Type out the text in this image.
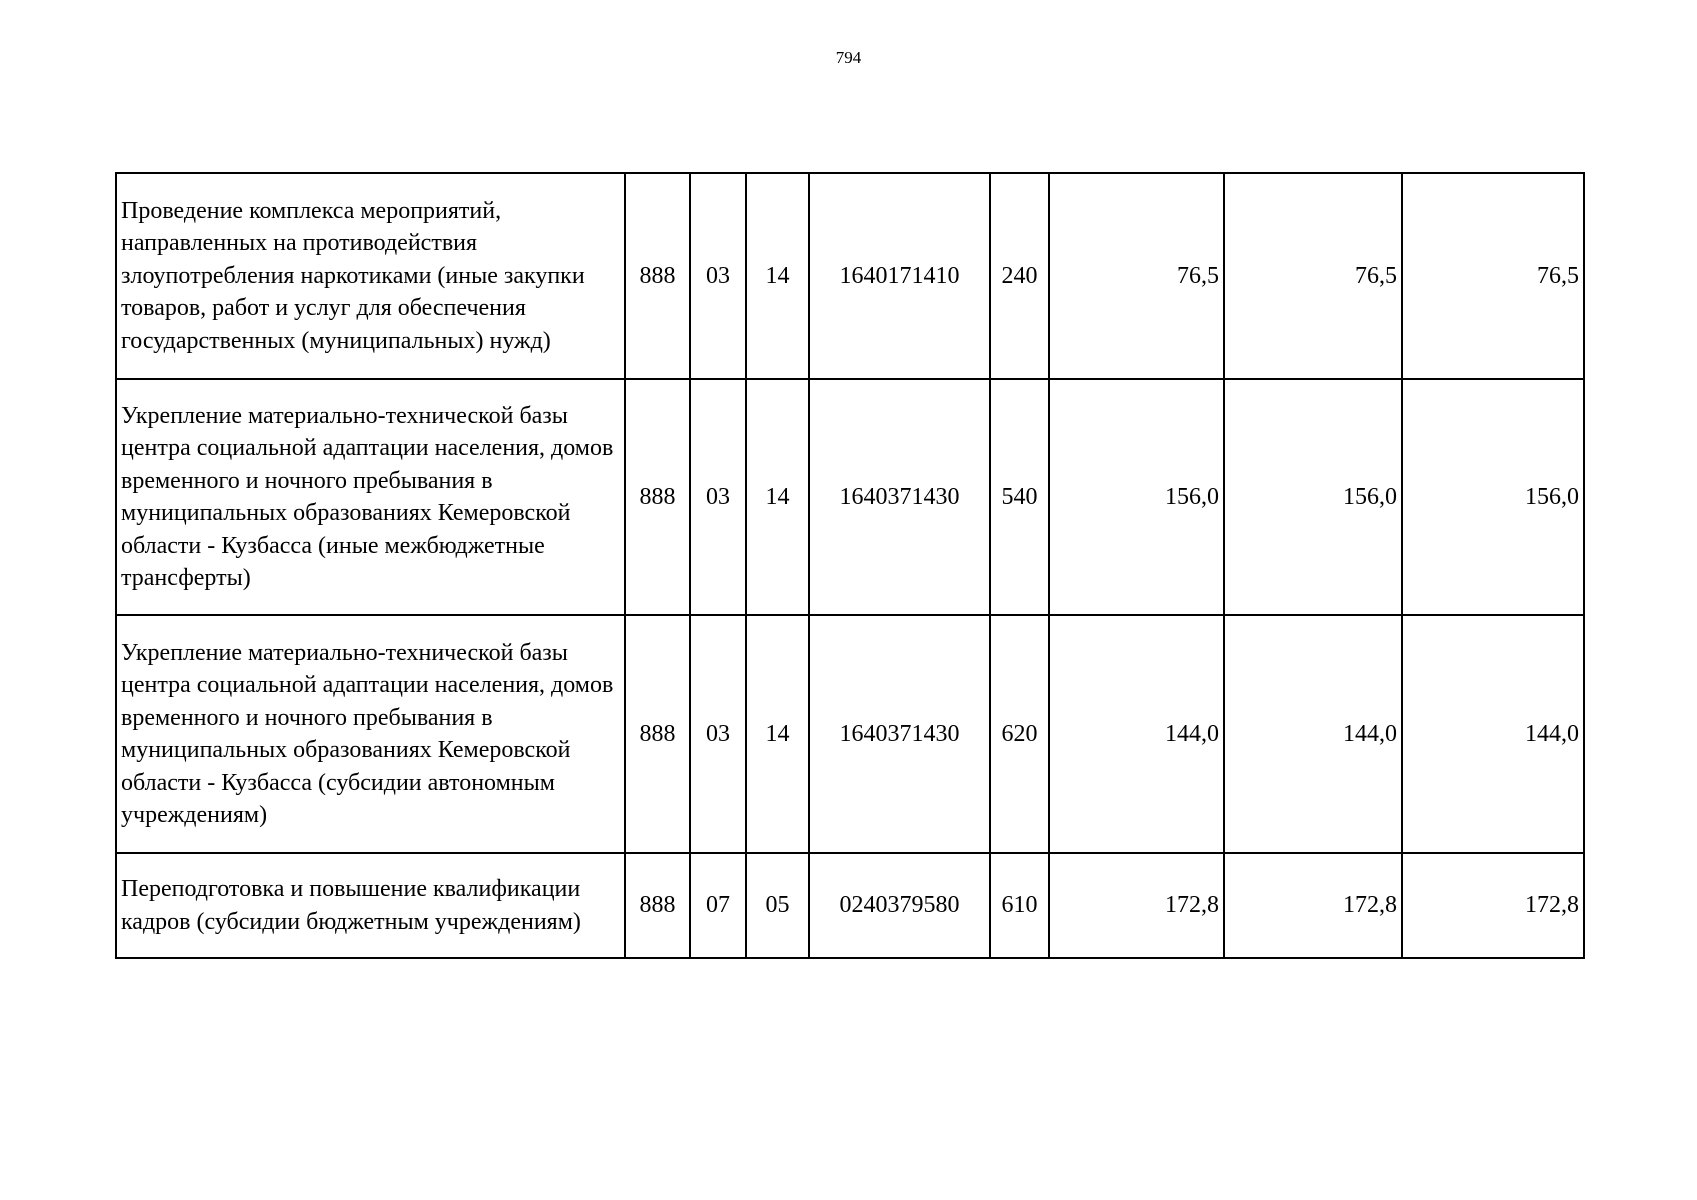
794
Проведение комплекса мероприятий, направленных на противодействия злоупотребления наркотиками (иные закупки товаров, работ и услуг для обеспечения государственных (муниципальных) нужд)	888	03	14	1640171410	240	76,5	76,5	76,5
Укрепление материально-технической базы центра социальной адаптации населения, домов временного и ночного пребывания в муниципальных образованиях Кемеровской области - Кузбасса (иные межбюджетные трансферты)	888	03	14	1640371430	540	156,0	156,0	156,0
Укрепление материально-технической базы центра социальной адаптации населения, домов временного и ночного пребывания в муниципальных образованиях Кемеровской области - Кузбасса (субсидии автономным учреждениям)	888	03	14	1640371430	620	144,0	144,0	144,0
Переподготовка и повышение квалификации кадров (субсидии бюджетным учреждениям)	888	07	05	0240379580	610	172,8	172,8	172,8
